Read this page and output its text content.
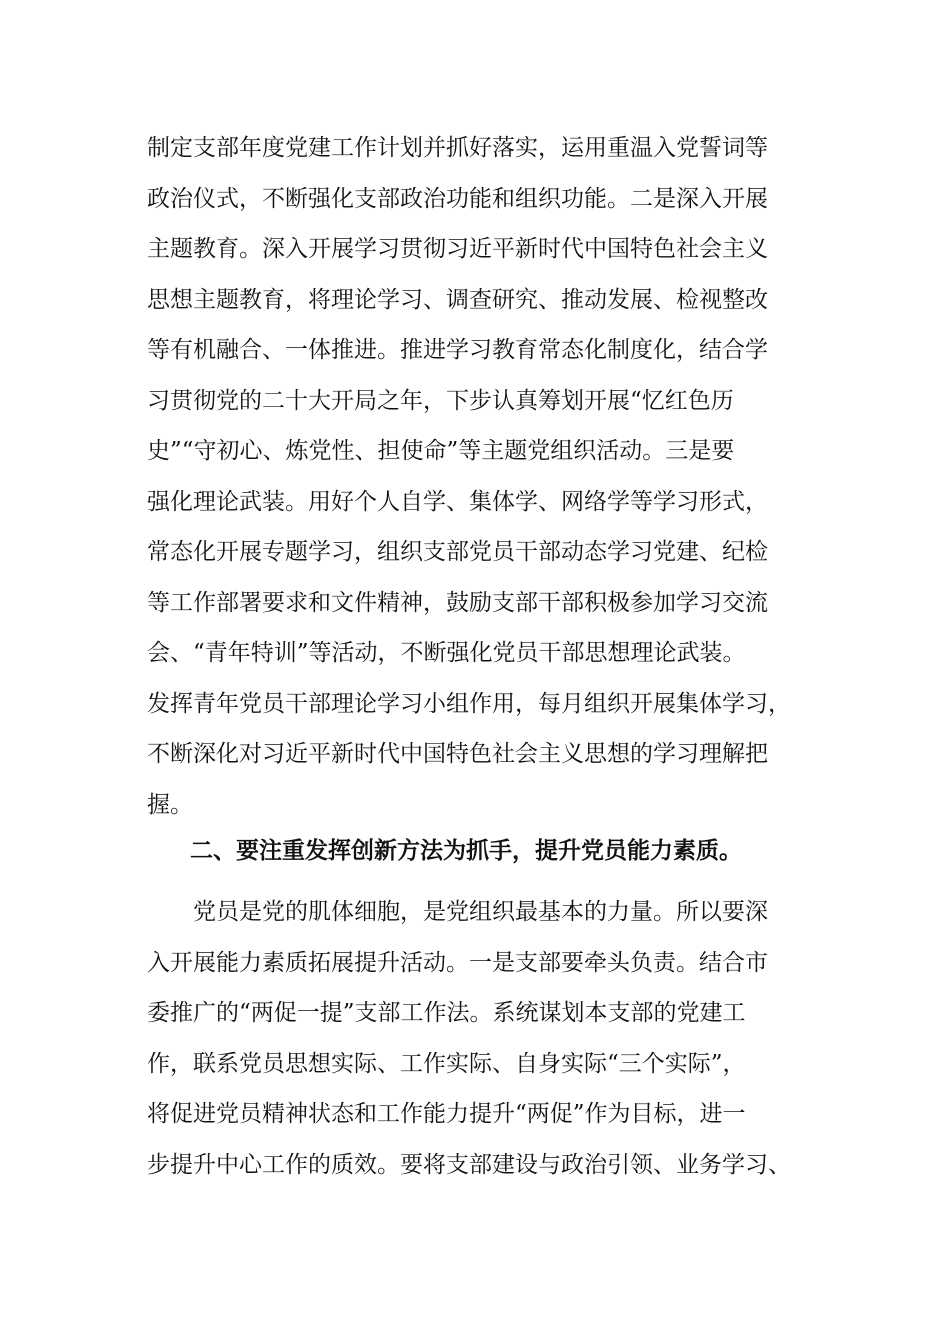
制定支部年度党建工作计划并抓好落实，运用重温入党誓词等
政治仪式，不断强化支部政治功能和组织功能。二是深入开展
主题教育。深入开展学习贯彻习近平新时代中国特色社会主义
思想主题教育，将理论学习、调查研究、推动发展、检视整改
等有机融合、一体推进。推进学习教育常态化制度化，结合学
习贯彻党的二十大开局之年，下步认真筹划开展“忆红色历
史”“守初心、炼党性、担使命”等主题党组织活动。三是要
强化理论武装。用好个人自学、集体学、网络学等学习形式，
常态化开展专题学习，组织支部党员干部动态学习党建、纪检
等工作部署要求和文件精神，鼓励支部干部积极参加学习交流
会、“青年特训”等活动，不断强化党员干部思想理论武装。
发挥青年党员干部理论学习小组作用，每月组织开展集体学习，
不断深化对习近平新时代中国特色社会主义思想的学习理解把
握。
二、要注重发挥创新方法为抓手，提升党员能力素质。
党员是党的肌体细胞，是党组织最基本的力量。所以要深
入开展能力素质拓展提升活动。一是支部要牵头负责。结合市
委推广的“两促一提”支部工作法。系统谋划本支部的党建工
作，联系党员思想实际、工作实际、自身实际“三个实际”，
将促进党员精神状态和工作能力提升“两促”作为目标，进一
步提升中心工作的质效。要将支部建设与政治引领、业务学习、
